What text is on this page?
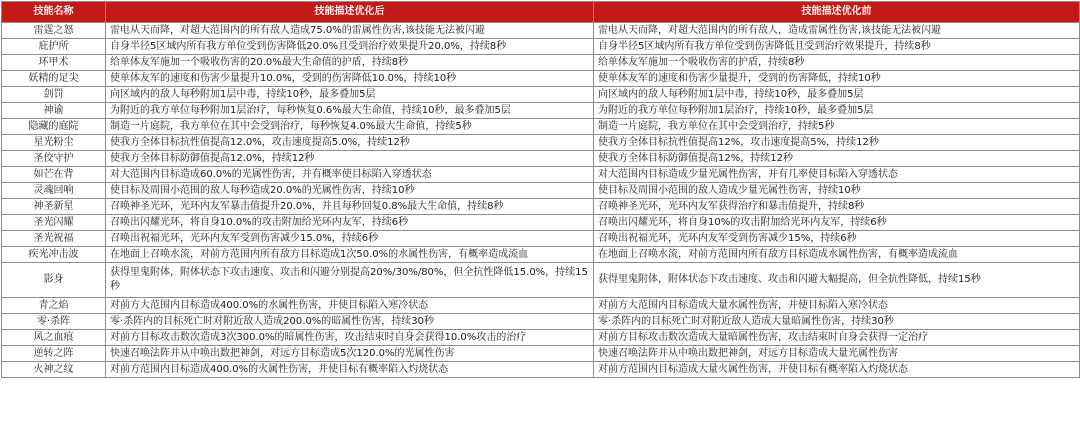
技能名称	技能描述优化后	技能描述优化前
雷霆之怒	雷电从天而降，对超大范围内的所有敌人造成75.0%的雷属性伤害,该技能无法被闪避	雷电从天而降，对超大范围内的所有敌人，造成雷属性伤害,该技能无法被闪避
庇护所	自身半径5区域内所有我方单位受到伤害降低20.0%且受到治疗效果提升20.0%，持续8秒	自身半径5区域内所有我方单位受到伤害降低且受到治疗效果提升，持续8秒
环甲术	给单体友军施加一个吸收伤害的20.0%最大生命值的护盾，持续8秒	给单体友军施加一个吸收伤害的护盾，持续8秒
妖精的足尖	使单体友军的速度和伤害少量提升10.0%，受到的伤害降低10.0%，持续10秒	使单体友军的速度和伤害少量提升，受到的伤害降低，持续10秒
剑罚	向区域内的敌人每秒附加1层中毒，持续10秒，最多叠加5层	向区域内的敌人每秒附加1层中毒，持续10秒，最多叠加5层
神谕	为附近的我方单位每秒附加1层治疗，每秒恢复0.6%最大生命值，持续10秒，最多叠加5层	为附近的我方单位每秒附加1层治疗，持续10秒，最多叠加5层
隐藏的庭院	制造一片庭院，我方单位在其中会受到治疗，每秒恢复4.0%最大生命值，持续5秒	制造一片庭院，我方单位在其中会受到治疗，持续5秒
星光粉尘	使我方全体目标抗性值提高12.0%，攻击速度提高5.0%，持续12秒	使我方全体目标抗性值提高12%，攻击速度提高5%，持续12秒
圣佼守护	使我方全体目标防御值提高12.0%，持续12秒	使我方全体目标防御值提高12%，持续12秒
如芒在背	对大范围内目标造成60.0%的光属性伤害，并有概率使目标陷入穿透状态	对大范围内目标造成少量光属性伤害，并有几率使目标陷入穿透状态
灵魂回响	使目标及周围小范围的敌人每秒造成20.0%的光属性伤害，持续10秒	使目标及周围小范围的敌人造成少量光属性伤害，持续10秒
神圣新星	召唤神圣光环，光环内友军暴击值提升20.0%，并且每秒回复0.8%最大生命值，持续8秒	召唤神圣光环，光环内友军获得治疗和暴击值提升，持续8秒
圣光闪耀	召唤出闪耀光环，将自身10.0%的攻击附加给光环内友军，持续6秒	召唤出闪耀光环，将自身10%的攻击附加给光环内友军，持续6秒
圣光祝福	召唤出祝福光环，光环内友军受到伤害减少15.0%，持续6秒	召唤出祝福光环，光环内友军受到伤害减少15%，持续6秒
疾光冲击波	在地面上召唤水流，对前方范围内所有敌方目标造成1次50.0%的水属性伤害，有概率造成流血	在地面上召唤水流，对前方范围内所有敌方目标造成水属性伤害，有概率造成流血
影身	获得里鬼附体，附体状态下攻击速度、攻击和闪避分别提高20%/30%/80%，但全抗性降低15.0%，持续15秒	获得里鬼附体，附体状态下攻击速度、攻击和闪避大幅提高，但全抗性降低，持续15秒
青之焰	对前方大范围内目标造成400.0%的水属性伤害，并使目标陷入寒冷状态	对前方大范围内目标造成大量水属性伤害，并使目标陷入寒冷状态
零·杀阵	零·杀阵内的目标死亡时对附近敌人造成200.0%的暗属性伤害，持续30秒	零·杀阵内的目标死亡时对附近敌人造成大量暗属性伤害，持续30秒
风之血痕	对前方目标攻击数次造成3次300.0%的暗属性伤害，攻击结束时自身会获得10.0%攻击的治疗	对前方目标攻击数次造成大量暗属性伤害，攻击结束时自身会获得一定治疗
逆转之阵	快速召唤法阵并从中唤出数把神剑，对远方目标造成5次120.0%的光属性伤害	快速召唤法阵并从中唤出数把神剑，对远方目标造成大量光属性伤害
火神之纹	对前方范围内目标造成400.0%的火属性伤害，并使目标有概率陷入灼烧状态	对前方范围内目标造成大量火属性伤害，并使目标有概率陷入灼烧状态
